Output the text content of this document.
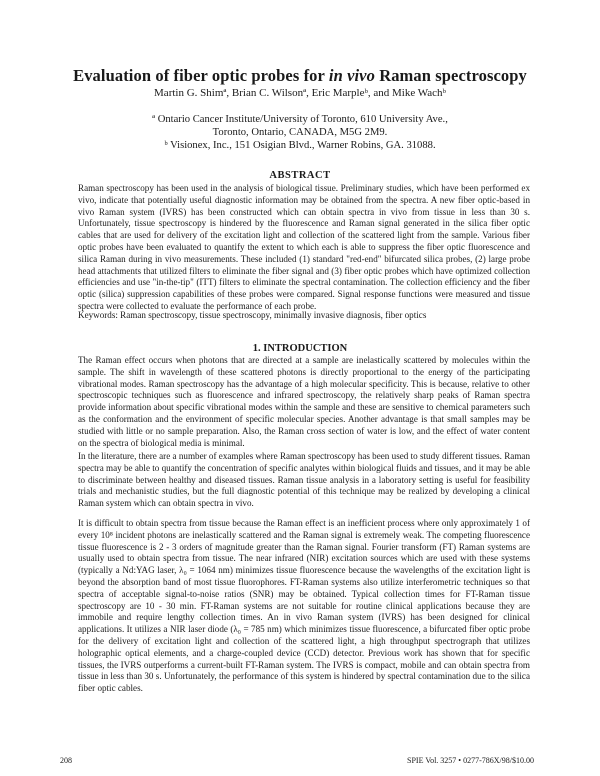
Evaluation of fiber optic probes for in vivo Raman spectroscopy
Martin G. Shimª, Brian C. Wilsonª, Eric Marpleᵇ, and Mike Wachᵇ
ª Ontario Cancer Institute/University of Toronto, 610 University Ave.,
Toronto, Ontario, CANADA, M5G 2M9.
ᵇ Visionex, Inc., 151 Osigian Blvd., Warner Robins, GA. 31088.
ABSTRACT
Raman spectroscopy has been used in the analysis of biological tissue. Preliminary studies, which have been performed ex vivo, indicate that potentially useful diagnostic information may be obtained from the spectra. A new fiber optic-based in vivo Raman system (IVRS) has been constructed which can obtain spectra in vivo from tissue in less than 30 s. Unfortunately, tissue spectroscopy is hindered by the fluorescence and Raman signal generated in the silica fiber optic cables that are used for delivery of the excitation light and collection of the scattered light from the sample. Various fiber optic probes have been evaluated to quantify the extent to which each is able to suppress the fiber optic fluorescence and silica Raman during in vivo measurements. These included (1) standard "red-end" bifurcated silica probes, (2) large probe head attachments that utilized filters to eliminate the fiber signal and (3) fiber optic probes which have optimized collection efficiencies and use "in-the-tip" (ITT) filters to eliminate the spectral contamination. The collection efficiency and the fiber optic (silica) suppression capabilities of these probes were compared. Signal response functions were measured and tissue spectra were collected to evaluate the performance of each probe.
Keywords: Raman spectroscopy, tissue spectroscopy, minimally invasive diagnosis, fiber optics
1. INTRODUCTION
The Raman effect occurs when photons that are directed at a sample are inelastically scattered by molecules within the sample. The shift in wavelength of these scattered photons is directly proportional to the energy of the participating vibrational modes. Raman spectroscopy has the advantage of a high molecular specificity. This is because, relative to other spectroscopic techniques such as fluorescence and infrared spectroscopy, the relatively sharp peaks of Raman spectra provide information about specific vibrational modes within the sample and these are sensitive to chemical parameters such as the conformation and the environment of specific molecular species. Another advantage is that small samples may be studied with little or no sample preparation. Also, the Raman cross section of water is low, and the effect of water content on the spectra of biological media is minimal.
In the literature, there are a number of examples where Raman spectroscopy has been used to study different tissues. Raman spectra may be able to quantify the concentration of specific analytes within biological fluids and tissues, and it may be able to discriminate between healthy and diseased tissues. Raman tissue analysis in a laboratory setting is useful for feasibility trials and mechanistic studies, but the full diagnostic potential of this technique may be realized by developing a clinical Raman system which can obtain spectra in vivo.
It is difficult to obtain spectra from tissue because the Raman effect is an inefficient process where only approximately 1 of every 10⁸ incident photons are inelastically scattered and the Raman signal is extremely weak. The competing fluorescence tissue fluorescence is 2 - 3 orders of magnitude greater than the Raman signal. Fourier transform (FT) Raman systems are usually used to obtain spectra from tissue. The near infrared (NIR) excitation sources which are used with these systems (typically a Nd:YAG laser, λ₀ = 1064 nm) minimizes tissue fluorescence because the wavelengths of the excitation light is beyond the absorption band of most tissue fluorophores. FT-Raman systems also utilize interferometric techniques so that spectra of acceptable signal-to-noise ratios (SNR) may be obtained. Typical collection times for FT-Raman tissue spectroscopy are 10 - 30 min. FT-Raman systems are not suitable for routine clinical applications because they are immobile and require lengthy collection times. An in vivo Raman system (IVRS) has been designed for clinical applications. It utilizes a NIR laser diode (λ₀ = 785 nm) which minimizes tissue fluorescence, a bifurcated fiber optic probe for the delivery of excitation light and collection of the scattered light, a high throughput spectrograph that utilizes holographic optical elements, and a charge-coupled device (CCD) detector. Previous work has shown that for specific tissues, the IVRS outperforms a current-built FT-Raman system. The IVRS is compact, mobile and can obtain spectra from tissue in less than 30 s. Unfortunately, the performance of this system is hindered by spectral contamination due to the silica fiber optic cables.
208	SPIE Vol. 3257 • 0277-786X/98/$10.00
